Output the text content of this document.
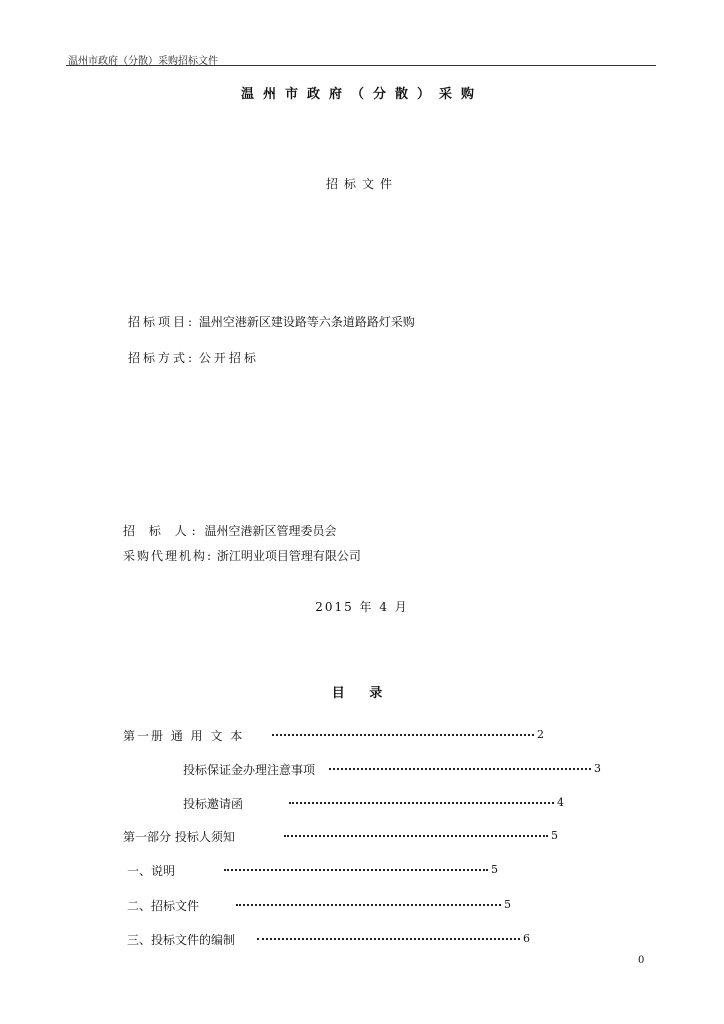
温州市政府（分散）采购招标文件
温州市政府（分散）采购
招标文件
招标项目: 温州空港新区建设路等六条道路路灯采购
招标方式: 公开招标
招 标 人: 温州空港新区管理委员会
采购代理机构: 浙江明业项目管理有限公司
2015 年 4 月
目 录
第一册 通 用 文 本	2
投标保证金办理注意事项	3
投标邀请函	4
第一部分 投标人须知	5
一、说明	5
二、招标文件	5
三、投标文件的编制	6
0
